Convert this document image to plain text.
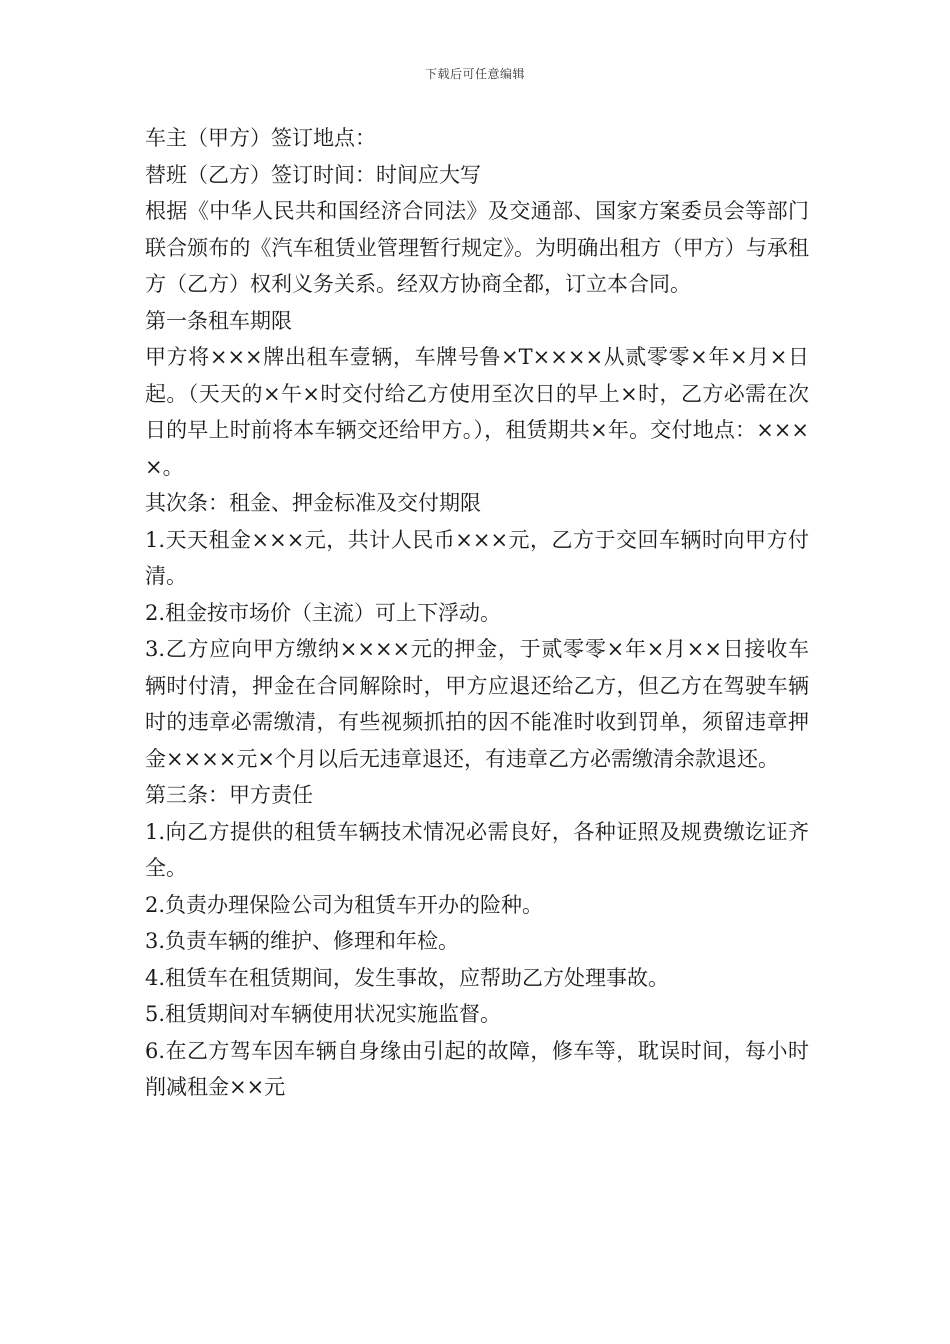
下载后可任意编辑

车主（甲方）签订地点：

替班（乙方）签订时间：时间应大写

根据《中华人民共和国经济合同法》及交通部、国家方案委员会等部门联合颁布的《汽车租赁业管理暂行规定》。为明确出租方（甲方）与承租方（乙方）权利义务关系。经双方协商全都，订立本合同。

第一条租车期限

甲方将×××牌出租车壹辆，车牌号鲁×T××××从贰零零×年×月×日起。（天天的×午×时交付给乙方使用至次日的早上×时，乙方必需在次日的早上时前将本车辆交还给甲方。），租赁期共×年。交付地点：××××。

其次条：租金、押金标准及交付期限

1.天天租金×××元，共计人民币×××元，乙方于交回车辆时向甲方付清。

2.租金按市场价（主流）可上下浮动。

3.乙方应向甲方缴纳××××元的押金，于贰零零×年×月××日接收车辆时付清，押金在合同解除时，甲方应退还给乙方，但乙方在驾驶车辆时的违章必需缴清，有些视频抓拍的因不能准时收到罚单，须留违章押金××××元×个月以后无违章退还，有违章乙方必需缴清余款退还。

第三条：甲方责任

1.向乙方提供的租赁车辆技术情况必需良好，各种证照及规费缴讫证齐全。

2.负责办理保险公司为租赁车开办的险种。

3.负责车辆的维护、修理和年检。

4.租赁车在租赁期间，发生事故，应帮助乙方处理事故。

5.租赁期间对车辆使用状况实施监督。

6.在乙方驾车因车辆自身缘由引起的故障，修车等，耽误时间，每小时削减租金××元
